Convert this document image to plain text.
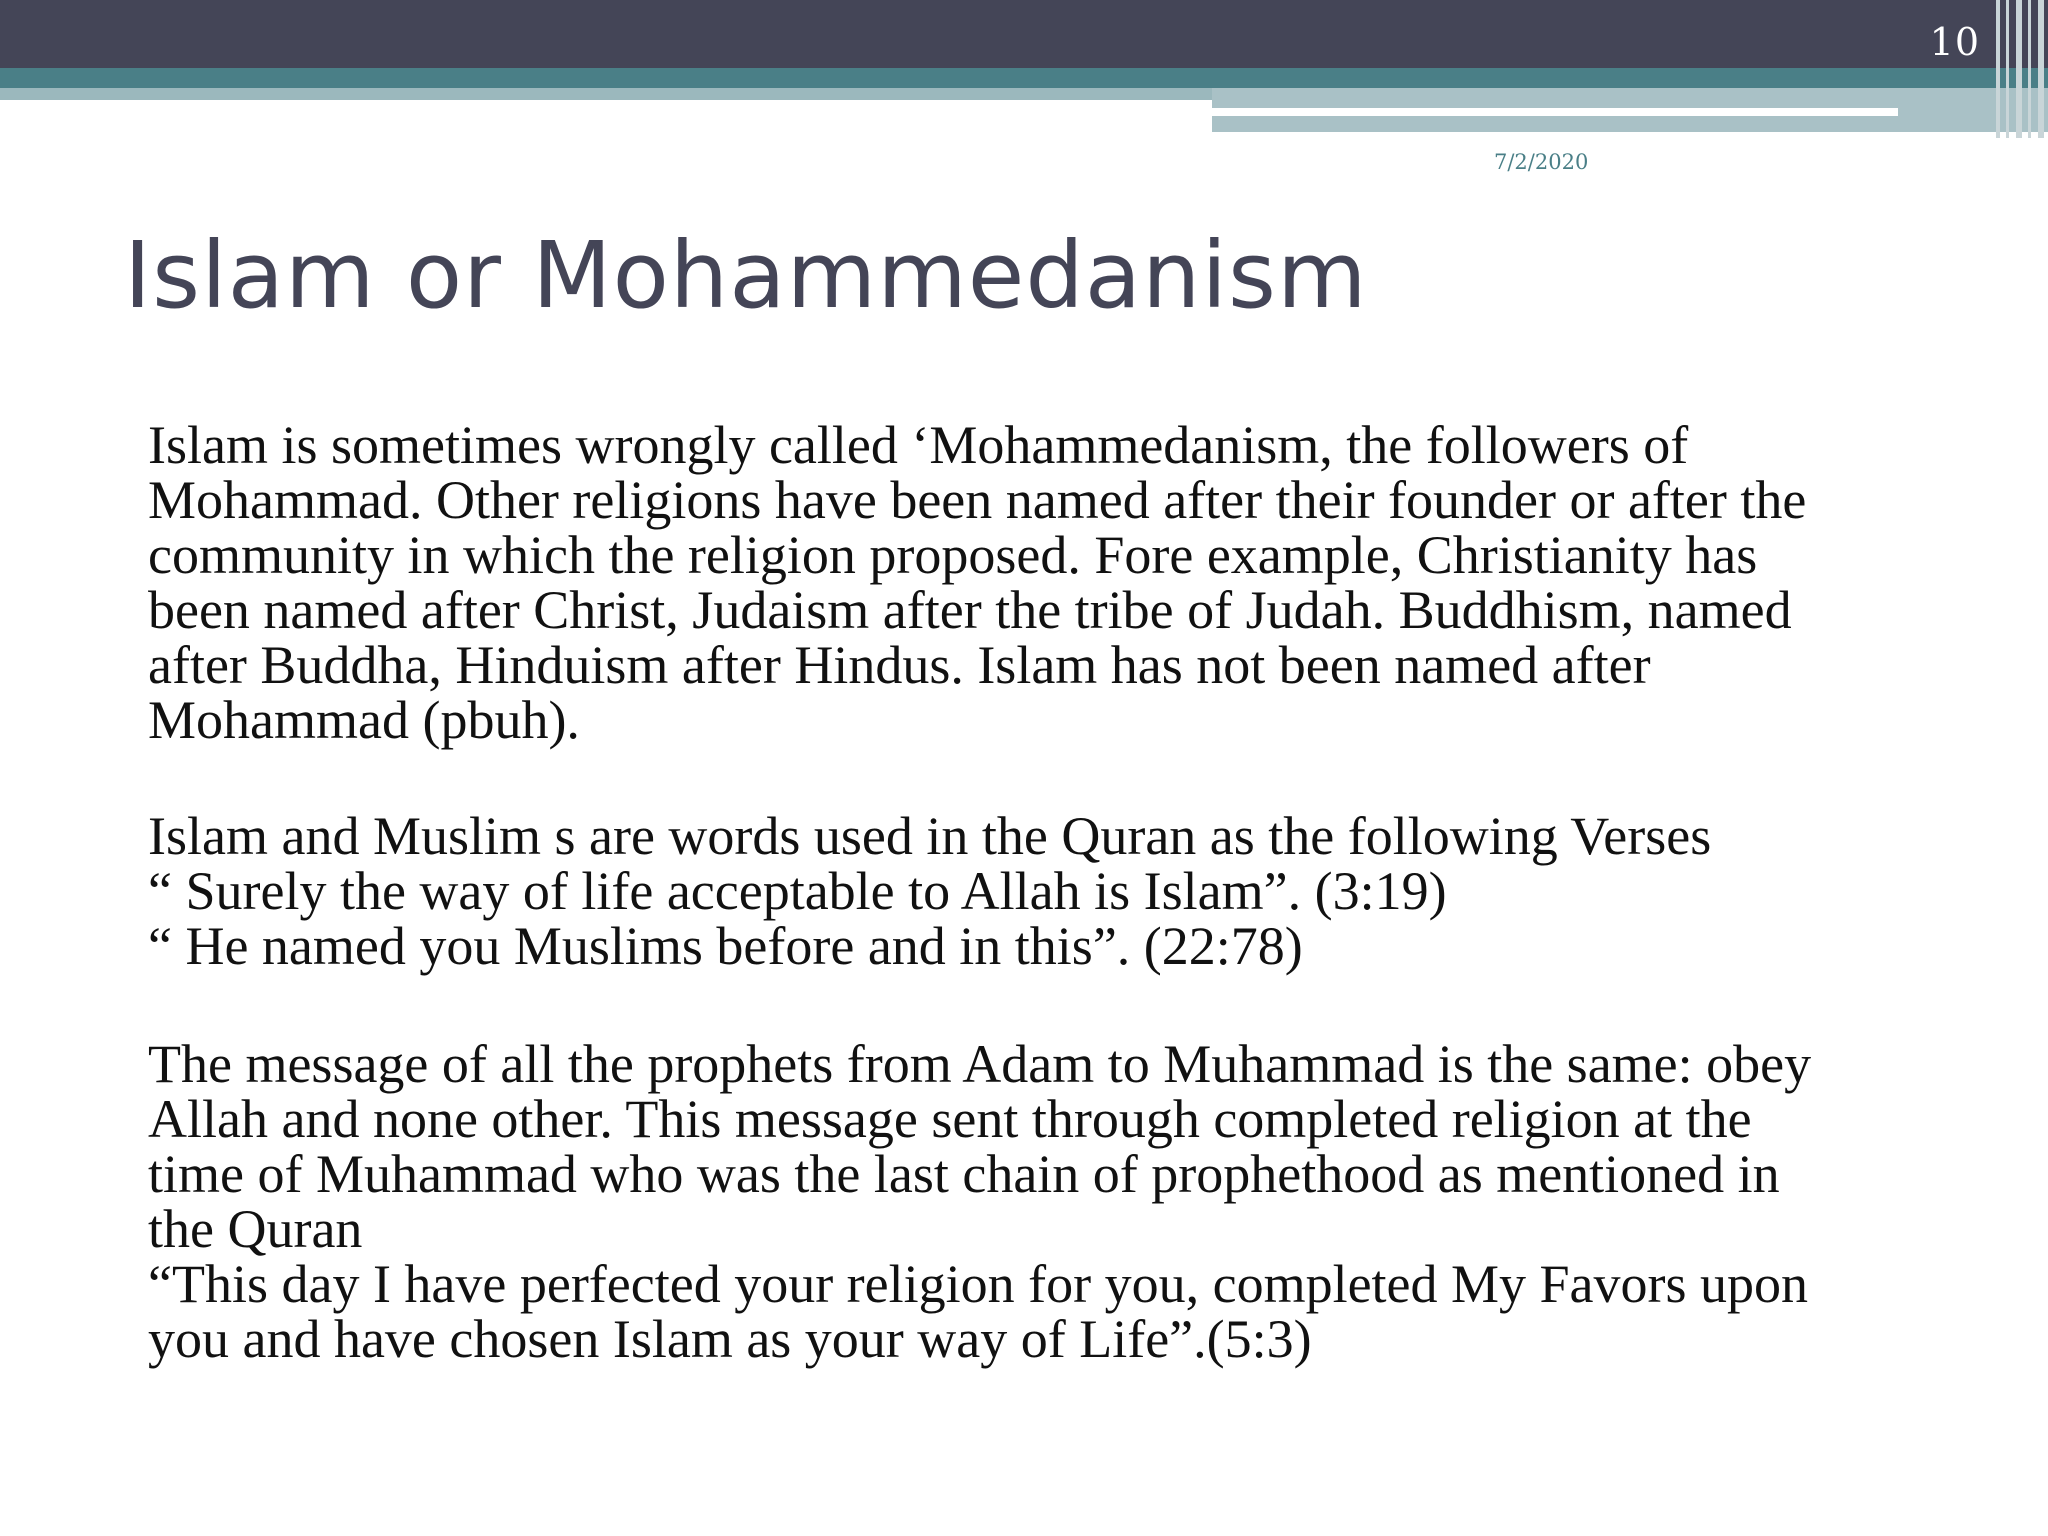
10
7/2/2020
Islam or Mohammedanism

Islam is sometimes wrongly called ‘Mohammedanism, the followers of
Mohammad. Other religions have been named after their founder or after the
community in which the religion proposed. Fore example, Christianity has
been named after Christ, Judaism after the tribe of Judah. Buddhism, named
after Buddha, Hinduism after Hindus. Islam has not been named after
Mohammad (pbuh).

Islam and Muslim s are words used in the Quran as the following Verses
“ Surely the way of life acceptable to Allah is Islam”. (3:19)
“ He named you Muslims before and in this”. (22:78)

The message of all the prophets from Adam to Muhammad is the same: obey
Allah and none other. This message sent through completed religion at the
time of Muhammad who was the last chain of prophethood as mentioned in
the Quran
“This day I have perfected your religion for you, completed My Favors upon
you and have chosen Islam as your way of Life”.(5:3)
